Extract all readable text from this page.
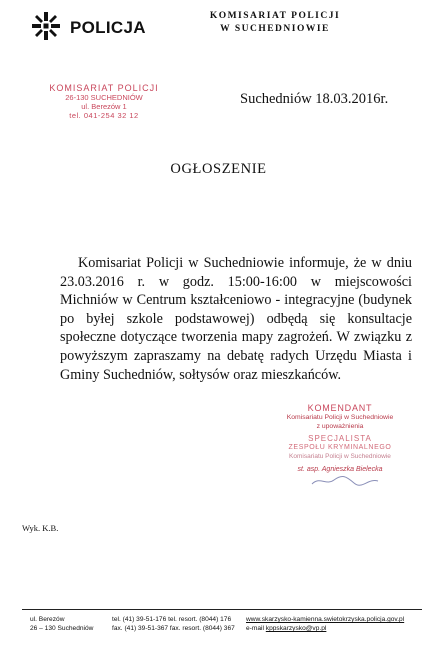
POLICJA
KOMISARIAT POLICJI
W SUCHEDNIOWIE
KOMISARIAT POLICJI
26-130 SUCHEDNIÓW
ul. Berezów 1
tel. 041-254 32 12
Suchedniów 18.03.2016r.
OGŁOSZENIE

Komisariat Policji w Suchedniowie informuje, że w dniu 23.03.2016 r. w godz. 15:00-16:00 w miejscowości Michniów w Centrum kształceniowo - integracyjne (budynek po byłej szkole podstawowej) odbędą się konsultacje społeczne dotyczące tworzenia mapy zagrożeń. W związku z powyższym zapraszamy na debatę radych Urzędu Miasta i Gminy Suchedniów, sołtysów oraz mieszkańców.

KOMENDANT
Komisariatu Policji w Suchedniowie
z upoważnienia
SPECJALISTA
ZESPOŁU KRYMINALNEGO
Komisariatu Policji w Suchedniowie
st. asp. Agnieszka Bielecka
Wyk. K.B.
ul. Berezów
26 – 130 Suchedniów
tel. (41) 39-51-176 tel. resort. (8044) 176
fax. (41) 39-51-367 fax. resort. (8044) 367
www.skarzysko-kamienna.swietokrzyska.policja.gov.pl
e-mail kppskarzysko@vp.pl
